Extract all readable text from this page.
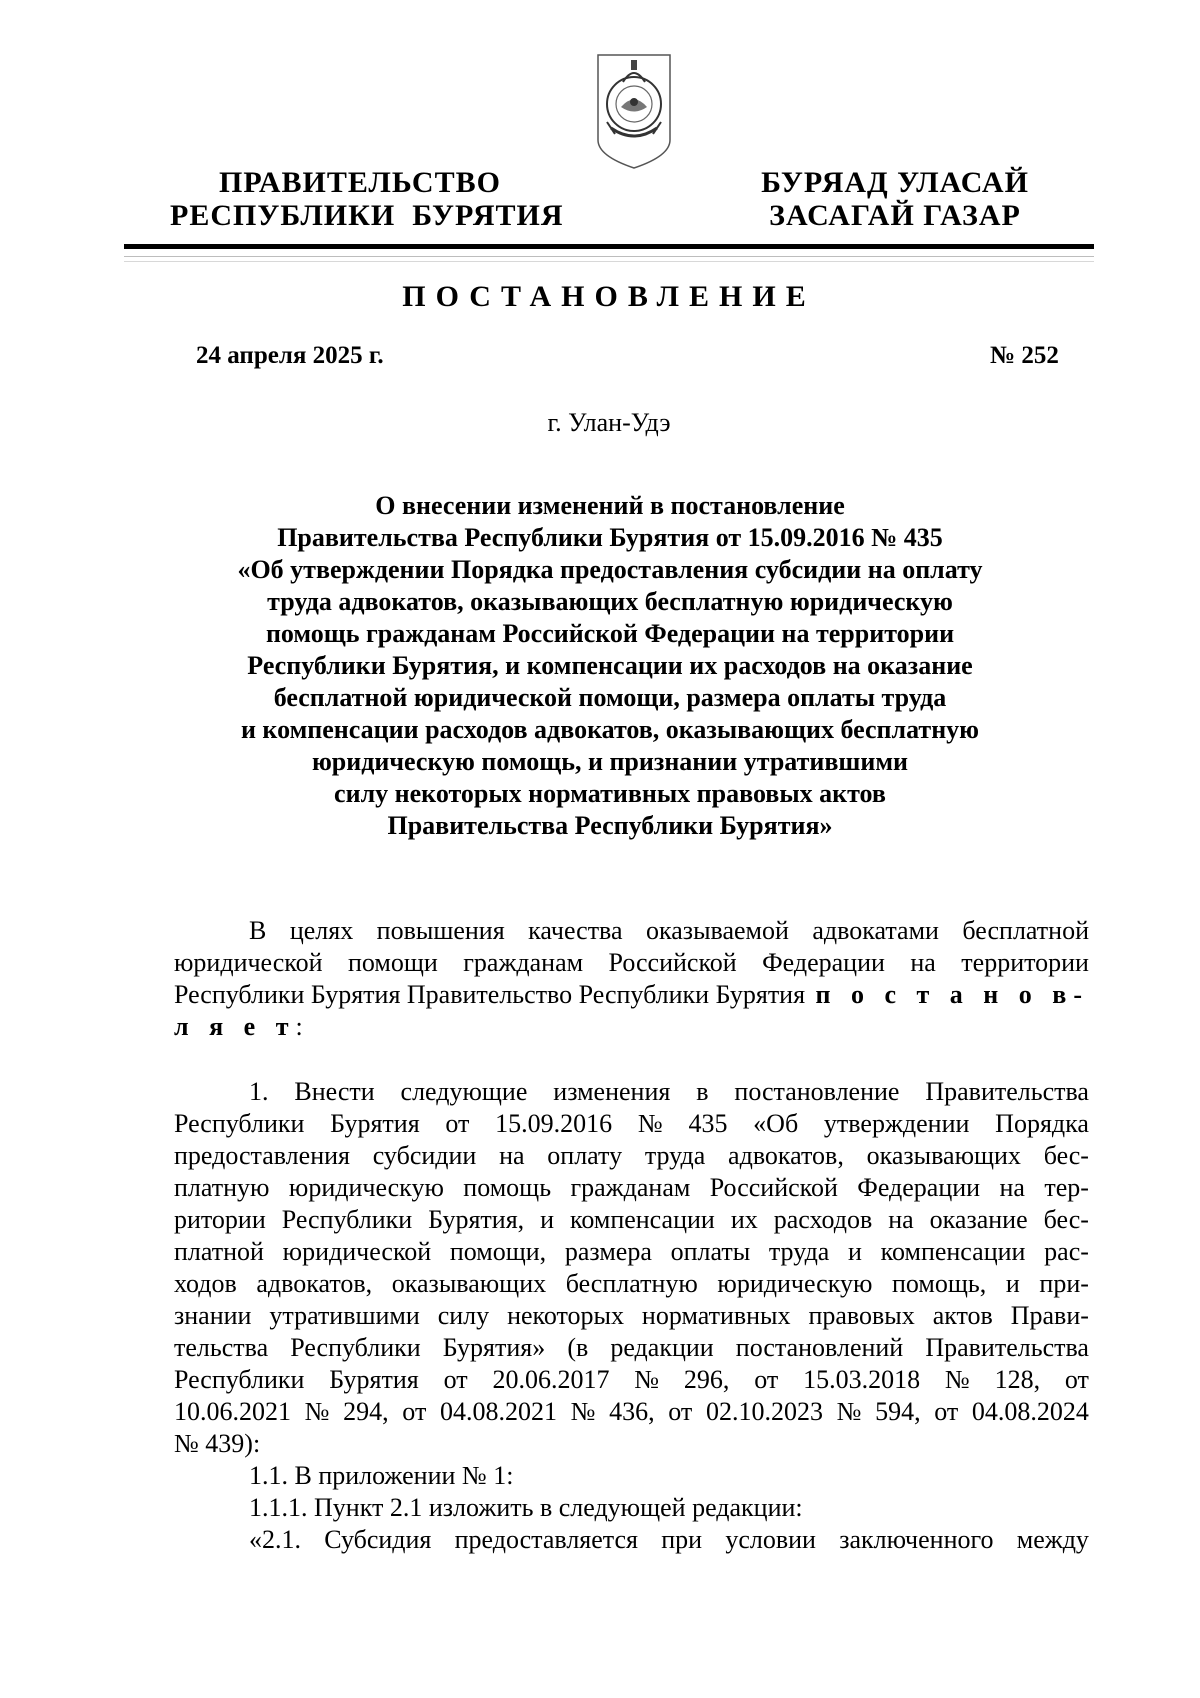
ПРАВИТЕЛЬСТВО
РЕСПУБЛИКИ  БУРЯТИЯ
БУРЯАД УЛАСАЙ
ЗАСАГАЙ ГАЗАР
ПОСТАНОВЛЕНИЕ
24 апреля 2025 г.	№ 252
г. Улан-Удэ
О внесении изменений в постановление
Правительства Республики Бурятия от 15.09.2016 № 435
«Об утверждении Порядка предоставления субсидии на оплату
труда адвокатов, оказывающих бесплатную юридическую
помощь гражданам Российской Федерации на территории
Республики Бурятия, и компенсации их расходов на оказание
бесплатной юридической помощи, размера оплаты труда
и компенсации расходов адвокатов, оказывающих бесплатную
юридическую помощь, и признании утратившими
силу некоторых нормативных правовых актов
Правительства Республики Бурятия»
В целях повышения качества оказываемой адвокатами бесплатной
юридической помощи гражданам Российской Федерации на территории
Республики Бурятия Правительство Республики Бурятия п о с т а н о в-
л я е т:
1. Внести следующие изменения в постановление Правительства
Республики Бурятия от 15.09.2016 № 435 «Об утверждении Порядка
предоставления субсидии на оплату труда адвокатов, оказывающих бес-
платную юридическую помощь гражданам Российской Федерации на тер-
ритории Республики Бурятия, и компенсации их расходов на оказание бес-
платной юридической помощи, размера оплаты труда и компенсации рас-
ходов адвокатов, оказывающих бесплатную юридическую помощь, и при-
знании утратившими силу некоторых нормативных правовых актов Прави-
тельства Республики Бурятия» (в редакции постановлений Правительства
Республики Бурятия от 20.06.2017 № 296, от 15.03.2018 № 128, от
10.06.2021 № 294, от 04.08.2021 № 436, от 02.10.2023 № 594, от 04.08.2024
№ 439):
1.1. В приложении № 1:
1.1.1. Пункт 2.1 изложить в следующей редакции:
«2.1. Субсидия предоставляется при условии заключенного между
